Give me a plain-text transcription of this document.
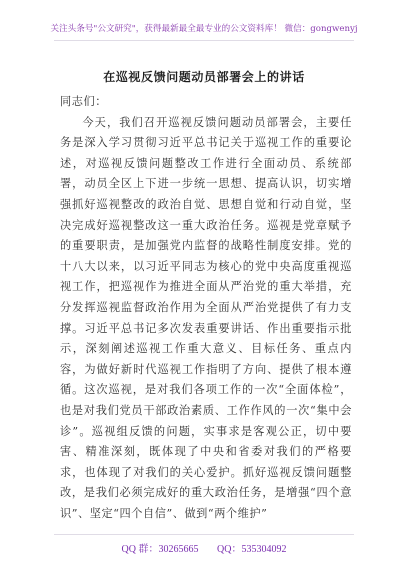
关注头条号"公文研究"，获得最新最全最专业的公文资料库！ 微信：gongwenyj
在巡视反馈问题动员部署会上的讲话

同志们：

今天，我们召开巡视反馈问题动员部署会，主要任务是深入学习贯彻习近平总书记关于巡视工作的重要论述，对巡视反馈问题整改工作进行全面动员、系统部署，动员全区上下进一步统一思想、提高认识，切实增强抓好巡视整改的政治自觉、思想自觉和行动自觉，坚决完成好巡视整改这一重大政治任务。巡视是党章赋予的重要职责，是加强党内监督的战略性制度安排。党的十八大以来，以习近平同志为核心的党中央高度重视巡视工作，把巡视作为推进全面从严治党的重大举措，充分发挥巡视监督政治作用为全面从严治党提供了有力支撑。习近平总书记多次发表重要讲话、作出重要指示批示，深刻阐述巡视工作重大意义、目标任务、重点内容，为做好新时代巡视工作指明了方向、提供了根本遵循。这次巡视，是对我们各项工作的一次“全面体检”，也是对我们党员干部政治素质、工作作风的一次“集中会诊”。巡视组反馈的问题，实事求是客观公正，切中要害、精准深刻，既体现了中央和省委对我们的严格要求，也体现了对我们的关心爱护。抓好巡视反馈问题整改，是我们必须完成好的重大政治任务，是增强“四个意识”、坚定“四个自信”、做到“两个维护”

QQ 群：30265665 QQ：535304092
